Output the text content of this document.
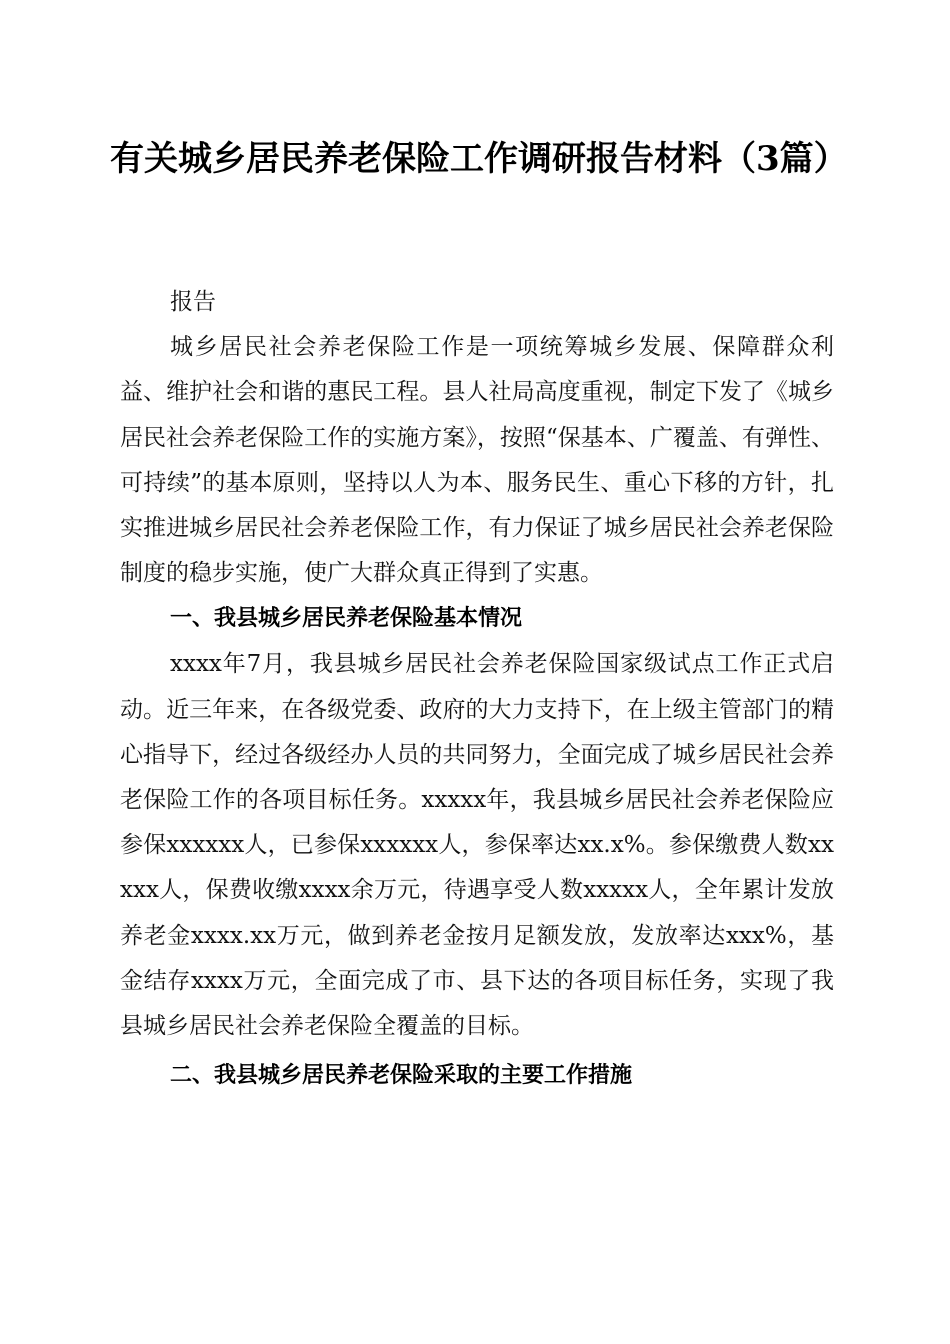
有关城乡居民养老保险工作调研报告材料（3篇）

报告

城乡居民社会养老保险工作是一项统筹城乡发展、保障群众利益、维护社会和谐的惠民工程。县人社局高度重视，制定下发了《城乡居民社会养老保险工作的实施方案》，按照“保基本、广覆盖、有弹性、可持续”的基本原则，坚持以人为本、服务民生、重心下移的方针，扎实推进城乡居民社会养老保险工作，有力保证了城乡居民社会养老保险制度的稳步实施，使广大群众真正得到了实惠。

一、我县城乡居民养老保险基本情况

xxxx年7月，我县城乡居民社会养老保险国家级试点工作正式启动。近三年来，在各级党委、政府的大力支持下，在上级主管部门的精心指导下，经过各级经办人员的共同努力，全面完成了城乡居民社会养老保险工作的各项目标任务。xxxxx年，我县城乡居民社会养老保险应参保xxxxxx人，已参保xxxxxx人，参保率达xx.x%。参保缴费人数xxxxx人，保费收缴xxxx余万元，待遇享受人数xxxxx人，全年累计发放养老金xxxx.xx万元，做到养老金按月足额发放，发放率达xxx%，基金结存xxxx万元，全面完成了市、县下达的各项目标任务，实现了我县城乡居民社会养老保险全覆盖的目标。

二、我县城乡居民养老保险采取的主要工作措施
